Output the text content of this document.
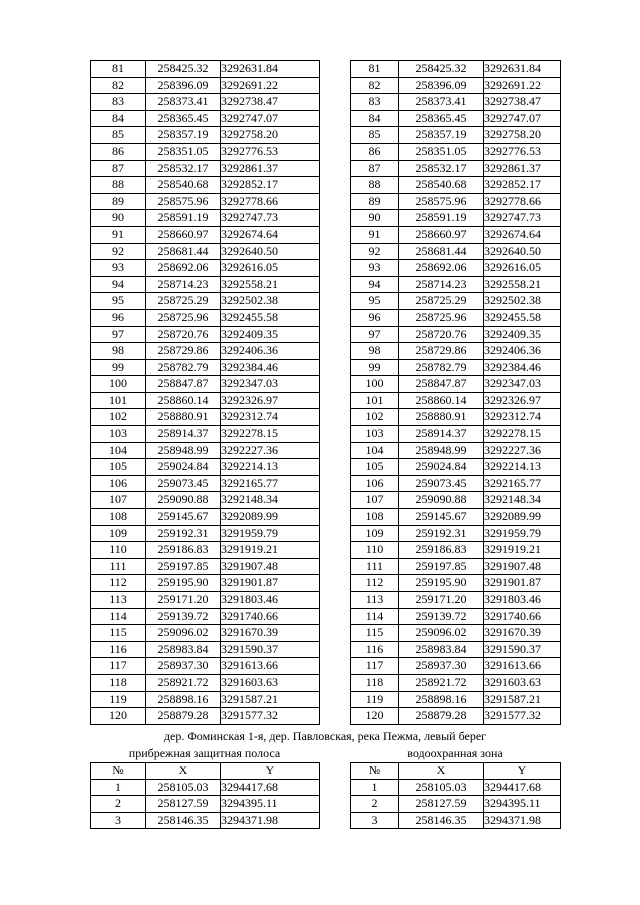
81	258425.32	3292631.84
82	258396.09	3292691.22
83	258373.41	3292738.47
84	258365.45	3292747.07
85	258357.19	3292758.20
86	258351.05	3292776.53
87	258532.17	3292861.37
88	258540.68	3292852.17
89	258575.96	3292778.66
90	258591.19	3292747.73
91	258660.97	3292674.64
92	258681.44	3292640.50
93	258692.06	3292616.05
94	258714.23	3292558.21
95	258725.29	3292502.38
96	258725.96	3292455.58
97	258720.76	3292409.35
98	258729.86	3292406.36
99	258782.79	3292384.46
100	258847.87	3292347.03
101	258860.14	3292326.97
102	258880.91	3292312.74
103	258914.37	3292278.15
104	258948.99	3292227.36
105	259024.84	3292214.13
106	259073.45	3292165.77
107	259090.88	3292148.34
108	259145.67	3292089.99
109	259192.31	3291959.79
110	259186.83	3291919.21
111	259197.85	3291907.48
112	259195.90	3291901.87
113	259171.20	3291803.46
114	259139.72	3291740.66
115	259096.02	3291670.39
116	258983.84	3291590.37
117	258937.30	3291613.66
118	258921.72	3291603.63
119	258898.16	3291587.21
120	258879.28	3291577.32
81	258425.32	3292631.84
82	258396.09	3292691.22
83	258373.41	3292738.47
84	258365.45	3292747.07
85	258357.19	3292758.20
86	258351.05	3292776.53
87	258532.17	3292861.37
88	258540.68	3292852.17
89	258575.96	3292778.66
90	258591.19	3292747.73
91	258660.97	3292674.64
92	258681.44	3292640.50
93	258692.06	3292616.05
94	258714.23	3292558.21
95	258725.29	3292502.38
96	258725.96	3292455.58
97	258720.76	3292409.35
98	258729.86	3292406.36
99	258782.79	3292384.46
100	258847.87	3292347.03
101	258860.14	3292326.97
102	258880.91	3292312.74
103	258914.37	3292278.15
104	258948.99	3292227.36
105	259024.84	3292214.13
106	259073.45	3292165.77
107	259090.88	3292148.34
108	259145.67	3292089.99
109	259192.31	3291959.79
110	259186.83	3291919.21
111	259197.85	3291907.48
112	259195.90	3291901.87
113	259171.20	3291803.46
114	259139.72	3291740.66
115	259096.02	3291670.39
116	258983.84	3291590.37
117	258937.30	3291613.66
118	258921.72	3291603.63
119	258898.16	3291587.21
120	258879.28	3291577.32
дер. Фоминская 1-я, дер. Павловская, река Пежма, левый берег
прибрежная защитная полоса	водоохранная зона
№	X	Y
1	258105.03	3294417.68
2	258127.59	3294395.11
3	258146.35	3294371.98
№	X	Y
1	258105.03	3294417.68
2	258127.59	3294395.11
3	258146.35	3294371.98
